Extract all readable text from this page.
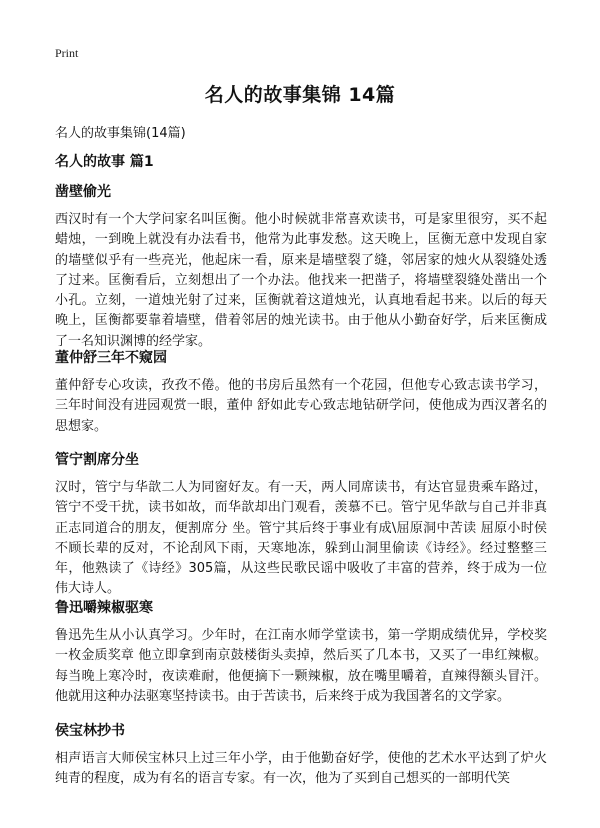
Print
名人的故事集锦 14篇
名人的故事集锦(14篇)
名人的故事 篇1
凿壁偷光

西汉时有一个大学问家名叫匡衡。他小时候就非常喜欢读书，可是家里很穷，买不起蜡烛，一到晚上就没有办法看书，他常为此事发愁。这天晚上，匡衡无意中发现自家的墙壁似乎有一些亮光，他起床一看，原来是墙壁裂了缝，邻居家的烛火从裂缝处透了过来。匡衡看后，立刻想出了一个办法。他找来一把凿子，将墙壁裂缝处凿出一个小孔。立刻，一道烛光射了过来，匡衡就着这道烛光，认真地看起书来。以后的每天晚上，匡衡都要靠着墙壁，借着邻居的烛光读书。由于他从小勤奋好学，后来匡衡成了一名知识渊博的经学家。

董仲舒三年不窥园

董仲舒专心攻读，孜孜不倦。他的书房后虽然有一个花园，但他专心致志读书学习，三年时间没有进园观赏一眼，董仲 舒如此专心致志地钻研学问，使他成为西汉著名的思想家。

管宁割席分坐

汉时，管宁与华歆二人为同窗好友。有一天，两人同席读书，有达官显贵乘车路过，管宁不受干扰，读书如故，而华歆却出门观看，羡慕不已。管宁见华歆与自己并非真正志同道合的朋友，便割席分 坐。管宁其后终于事业有成\屈原洞中苦读 屈原小时侯不顾长辈的反对，不论刮风下雨，天寒地冻，躲到山洞里偷读《诗经》。经过整整三年，他熟读了《诗经》305篇，从这些民歌民谣中吸收了丰富的营养，终于成为一位伟大诗人。

鲁迅嚼辣椒驱寒

鲁迅先生从小认真学习。少年时，在江南水师学堂读书，第一学期成绩优异，学校奖一枚金质奖章 他立即拿到南京鼓楼街头卖掉，然后买了几本书，又买了一串红辣椒。每当晚上寒冷时，夜读难耐，他便摘下一颗辣椒，放在嘴里嚼着，直辣得额头冒汗。他就用这种办法驱寒坚持读书。由于苦读书，后来终于成为我国著名的文学家。

侯宝林抄书

相声语言大师侯宝林只上过三年小学，由于他勤奋好学，使他的艺术水平达到了炉火纯青的程度，成为有名的语言专家。有一次，他为了买到自己想买的一部明代笑
